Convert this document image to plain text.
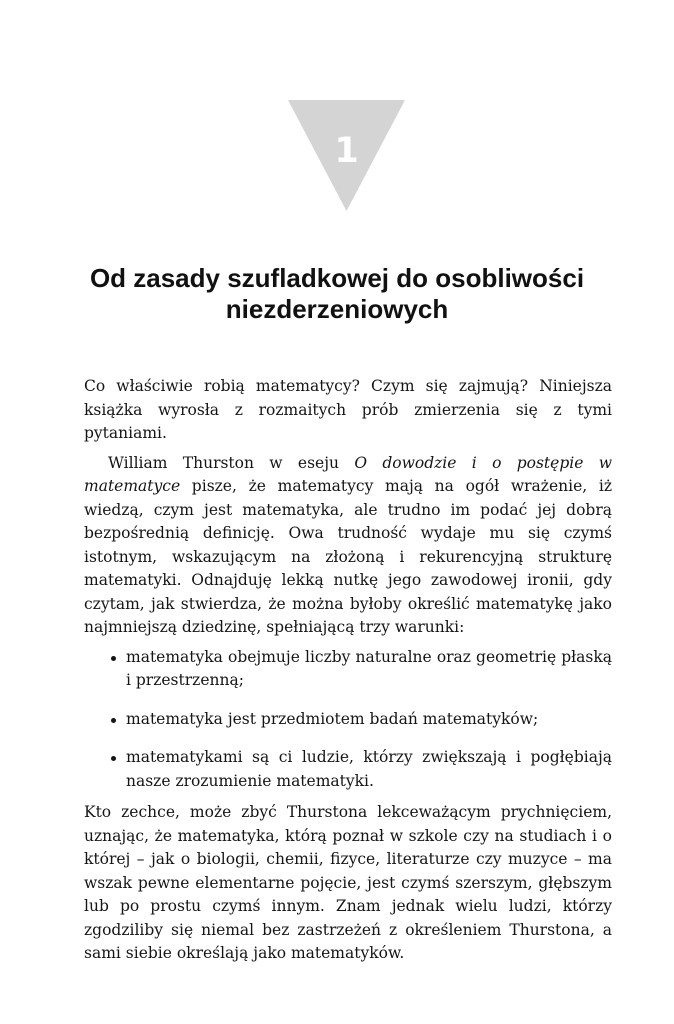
1
Od zasady szufladkowej do osobliwości
niezderzeniowych

Co właściwie robią matematycy? Czym się zajmują? Niniejsza książka wyrosła z rozmaitych prób zmierzenia się z tymi pytaniami.

William Thurston w eseju O dowodzie i o postępie w matematyce pisze, że matematycy mają na ogół wrażenie, iż wiedzą, czym jest matematyka, ale trudno im podać jej dobrą bezpośrednią definicję. Owa trudność wydaje mu się czymś istotnym, wskazującym na złożoną i rekurencyjną strukturę matematyki. Odnajduję lekką nutkę jego zawodowej ironii, gdy czytam, jak stwierdza, że można byłoby określić matematykę jako najmniejszą dziedzinę, spełniającą trzy warunki:

matematyka obejmuje liczby naturalne oraz geometrię płaską i przestrzenną;
matematyka jest przedmiotem badań matematyków;
matematykami są ci ludzie, którzy zwiększają i pogłębiają nasze zrozumienie matematyki.

Kto zechce, może zbyć Thurstona lekceważącym prychnięciem, uznając, że matematyka, którą poznał w szkole czy na studiach i o której – jak o biologii, chemii, fizyce, literaturze czy muzyce – ma wszak pewne elementarne pojęcie, jest czymś szerszym, głębszym lub po prostu czymś innym. Znam jednak wielu ludzi, którzy zgodziliby się niemal bez zastrzeżeń z określeniem Thurstona, a sami siebie określają jako matematyków.
